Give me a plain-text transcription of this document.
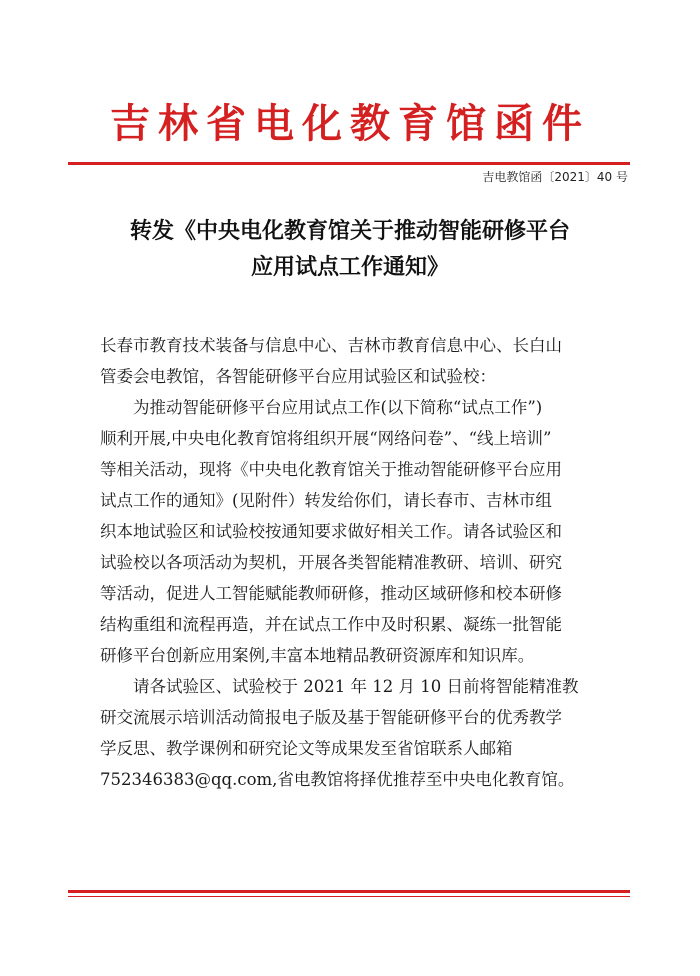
吉林省电化教育馆函件
吉电教馆函〔2021〕40 号
转发《中央电化教育馆关于推动智能研修平台
应用试点工作通知》
长春市教育技术装备与信息中心、吉林市教育信息中心、长白山
管委会电教馆，各智能研修平台应用试验区和试验校：
为推动智能研修平台应用试点工作(以下简称“试点工作”)
顺利开展,中央电化教育馆将组织开展“网络问卷”、“线上培训”
等相关活动，现将《中央电化教育馆关于推动智能研修平台应用
试点工作的通知》(见附件）转发给你们，请长春市、吉林市组
织本地试验区和试验校按通知要求做好相关工作。请各试验区和
试验校以各项活动为契机，开展各类智能精准教研、培训、研究
等活动，促进人工智能赋能教师研修，推动区域研修和校本研修
结构重组和流程再造，并在试点工作中及时积累、凝练一批智能
研修平台创新应用案例,丰富本地精品教研资源库和知识库。
请各试验区、试验校于 2021 年 12 月 10 日前将智能精准教
研交流展示培训活动简报电子版及基于智能研修平台的优秀教学
学反思、教学课例和研究论文等成果发至省馆联系人邮箱
752346383@qq.com,省电教馆将择优推荐至中央电化教育馆。
